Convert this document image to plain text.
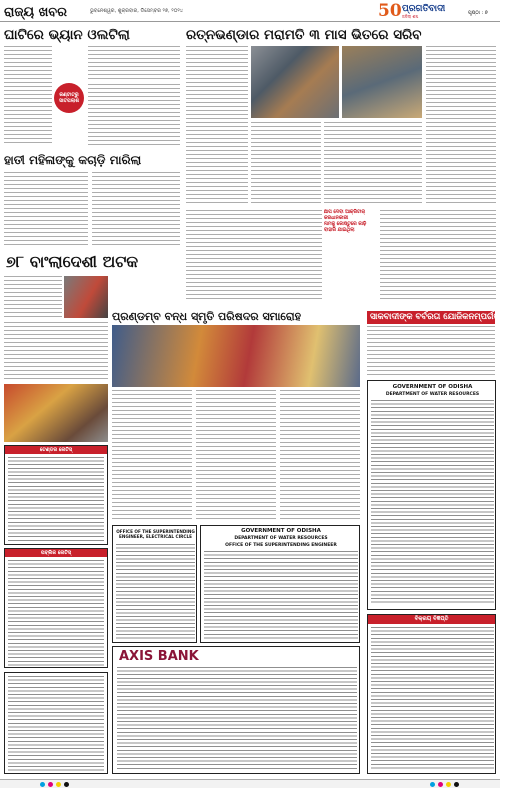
ରାଜ୍ୟ ଖବର	ଭୁବନେଶ୍ୱର, ଶୁକ୍ରବାର, ଡିସେମ୍ବର ୨୭, ୨୦୨୪	50 ପ୍ରଗତିବାଦୀ
ଜଳିଲା ଶବ୍ଦ
ପୃଷ୍ଠା : ୭
ଘାଟିରେ ଭ୍ୟାନ ଓଲଟିଲା
କଣ୍ଟାଟ୍ରୁ ସାତପଲାଶ
ରତ୍ନଭଣ୍ଡାର ମରାମତି ୩ ମାସ ଭିତରେ ସରିବ
ଛାପ ଦେବା ଆକ୍ରିଟାର୍ କରଧାନକାରୀ
ନାମକୁ କୋଷ୍ଟୁରେ କାଢ଼ି ବାହାରି ଯାଇଥିଲା
ହାତୀ ମହିଳାଙ୍କୁ କଚାଡ଼ି ମାରିଲା
୭୮ ବାଂଲାଦେଶୀ ଅଟକ
ପ୍ରଣ୍ଡମ୍ବ ବନ୍ଧ ସ୍ମୃତି ପରିଷଦର ସମାରୋହ	ସାକବାଦୀଙ୍କ ବର୍ବରତା ଯୋଜିକନମ୍ପର୍ଗଙ୍କୁ ହତ୍ୟା
ଟେଣ୍ଡର ନୋଟିସ୍
ପବ୍ଲିକ ନୋଟିସ୍
OFFICE OF THE SUPERINTENDING ENGINEER, ELECTRICAL CIRCLE
GOVERNMENT OF ODISHA
DEPARTMENT OF WATER RESOURCES
OFFICE OF THE SUPERINTENDING ENGINEER
GOVERNMENT OF ODISHA
DEPARTMENT OF WATER RESOURCES
AXIS BANK
ବିକ୍ରୟ ବିଜ୍ଞପ୍ତି
